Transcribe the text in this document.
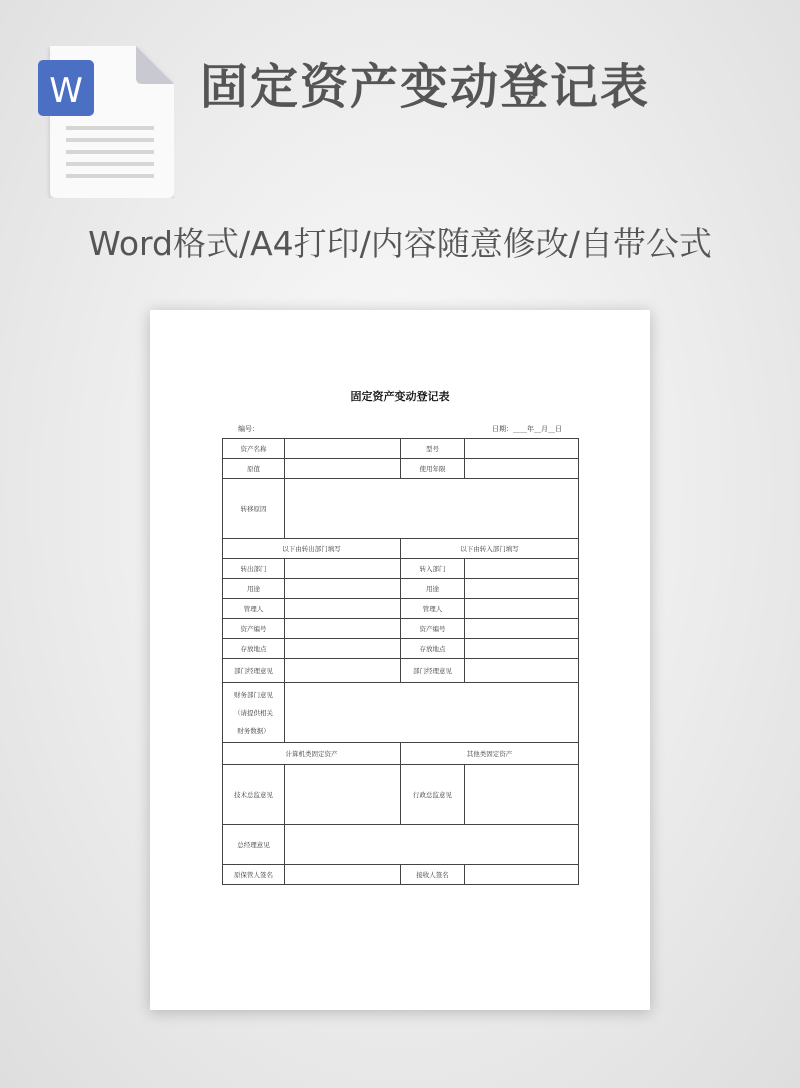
W 固定资产变动登记表
Word格式/A4打印/内容随意修改/自带公式
固定资产变动登记表
编号：	日期：____年__月__日
资产名称		型号	
原值		使用年限	
转移原因			
以下由转出部门填写		以下由转入部门填写	
转出部门		转入部门	
用途		用途	
管理人		管理人	
资产编号		资产编号	
存放地点		存放地点	
部门经理意见		部门经理意见	

财务部门意见
（请提供相关
财务数据）			

计算机类固定资产		其他类固定资产	
技术总监意见		行政总监意见	
总经理意见			
原保管人签名		接收人签名	
